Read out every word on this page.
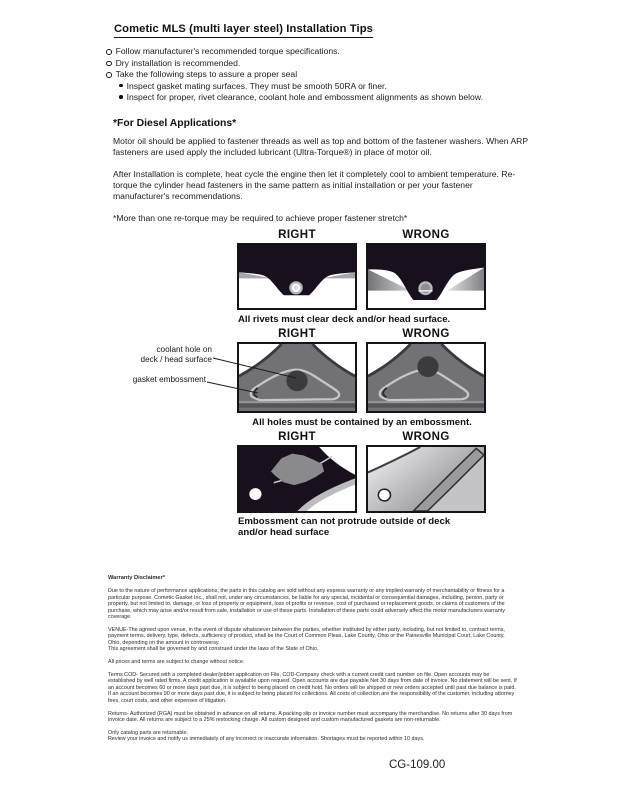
Cometic MLS (multi layer steel) Installation Tips
Follow manufacturer's recommended torque specifications.
Dry installation is recommended.
Take the following steps to assure a proper seal
Inspect gasket mating surfaces. They must be smooth 50RA or finer.
Inspect for proper, rivet clearance, coolant hole and embossment alignments as shown below.
*For Diesel Applications*

Motor oil should be applied to fastener threads as well as top and bottom of the fastener washers. When ARP fasteners are used apply the included lubricant (Ultra-Torque®) in place of motor oil.

After Installation is complete, heat cycle the engine then let it completely cool to ambient temperature. Re-torque the cylinder head fasteners in the same pattern as initial installation or per your fastener manufacturer's recommendations.

*More than one re-torque may be required to achieve proper fastener stretch*

RIGHT	WRONG
All rivets must clear deck and/or head surface.
RIGHT	WRONG
All holes must be contained by an embossment.
coolant hole on
deck / head surface
gasket embossment
RIGHT	WRONG
Embossment can not protrude outside of deck
and/or head surface
Warranty Disclaimer*

Due to the nature of performance applications, the parts in this catalog are sold without any express warranty or any implied warranty of merchantability or fitness for a particular purpose. Cometic Gasket Inc., shall not, under any circumstances, be liable for any special, incidental or consequential damages, including, person, party or property, but not limited to, damage, or loss of property or equipment, loss of profits or revenue, cost of purchased or replacement goods, or claims of customers of the purchase, which may arise and/or result from sale, installation or use of these parts. Installation of these parts could adversely affect the motor manufacturers warranty coverage.

VENUE-The agreed upon venue, in the event of dispute whatsoever between the parties, whether instituted by either party, including, but not limited to, contract terms, payment terms, delivery, type, defects, sufficiency of product, shall be the Court of Common Pleas, Lake County, Ohio or the Painesville Municipal Court, Lake County, Ohio, depending on the amount in controversy.

This agreement shall be governed by and construed under the laws of the State of Ohio.

All prices and terms are subject to change without notice.

Terms COD- Secured with a completed dealer/jobber application on File, COD-Company check with a current credit card number on file. Open accounts may be established by well rated firms. A credit application is available upon request. Open accounts are due payable Net 30 days from date of invoice. No statement will be sent. If an account becomes 60 or more days past due, it is subject to being placed on credit hold. No orders will be shipped or new orders accepted until past due balance is paid. If an account becomes 90 or more days past due, it is subject to being placed for collections. All costs of collection are the responsibility of the customer, including attorney fees, court costs, and other expenses of litigation.

Returns- Authorized (RGA) must be obtained in advance on all returns. A packing slip or invoice number must accompany the merchandise. No returns after 30 days from invoice date. All returns are subject to a 25% restocking charge. All custom designed and custom manufactured gaskets are non-returnable.

Only catalog parts are returnable.

Review your invoice and notify us immediately of any incorrect or inaccurate information. Shortages must be reported within 10 days.

CG-109.00
